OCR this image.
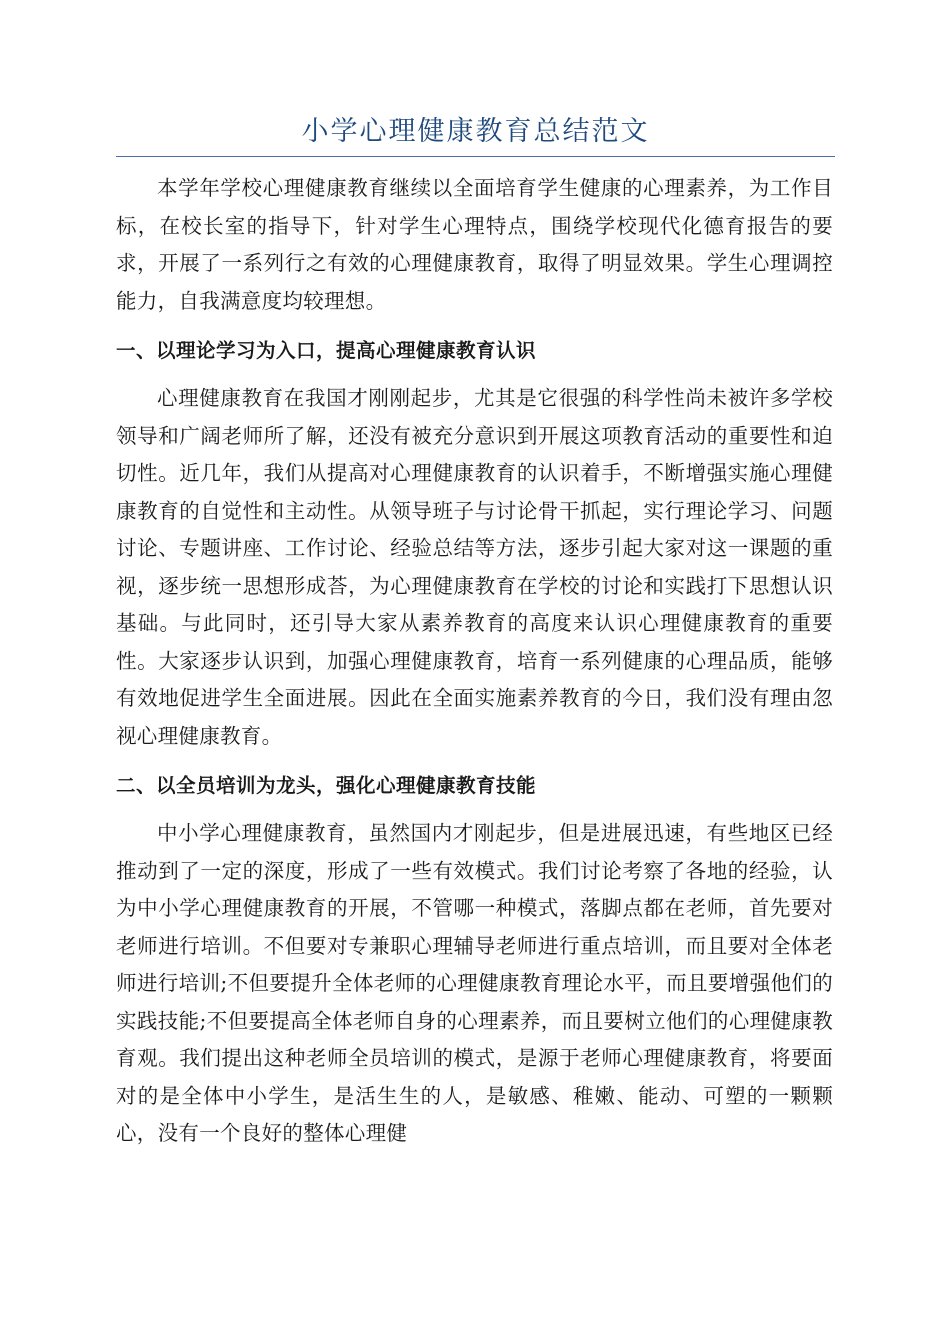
小学心理健康教育总结范文

本学年学校心理健康教育继续以全面培育学生健康的心理素养，为工作目标，在校长室的指导下，针对学生心理特点，围绕学校现代化德育报告的要求，开展了一系列行之有效的心理健康教育，取得了明显效果。学生心理调控能力，自我满意度均较理想。

一、以理论学习为入口，提高心理健康教育认识

心理健康教育在我国才刚刚起步，尤其是它很强的科学性尚未被许多学校领导和广阔老师所了解，还没有被充分意识到开展这项教育活动的重要性和迫切性。近几年，我们从提高对心理健康教育的认识着手，不断增强实施心理健康教育的自觉性和主动性。从领导班子与讨论骨干抓起，实行理论学习、问题讨论、专题讲座、工作讨论、经验总结等方法，逐步引起大家对这一课题的重视，逐步统一思想形成荅，为心理健康教育在学校的讨论和实践打下思想认识基础。与此同时，还引导大家从素养教育的高度来认识心理健康教育的重要性。大家逐步认识到，加强心理健康教育，培育一系列健康的心理品质，能够有效地促进学生全面进展。因此在全面实施素养教育的今日，我们没有理由忽视心理健康教育。

二、以全员培训为龙头，强化心理健康教育技能

中小学心理健康教育，虽然国内才刚起步，但是进展迅速，有些地区已经推动到了一定的深度，形成了一些有效模式。我们讨论考察了各地的经验，认为中小学心理健康教育的开展，不管哪一种模式，落脚点都在老师，首先要对老师进行培训。不但要对专兼职心理辅导老师进行重点培训，而且要对全体老师进行培训;不但要提升全体老师的心理健康教育理论水平，而且要增强他们的实践技能;不但要提高全体老师自身的心理素养，而且要树立他们的心理健康教育观。我们提出这种老师全员培训的模式，是源于老师心理健康教育，将要面对的是全体中小学生，是活生生的人，是敏感、稚嫩、能动、可塑的一颗颗心，没有一个良好的整体心理健
